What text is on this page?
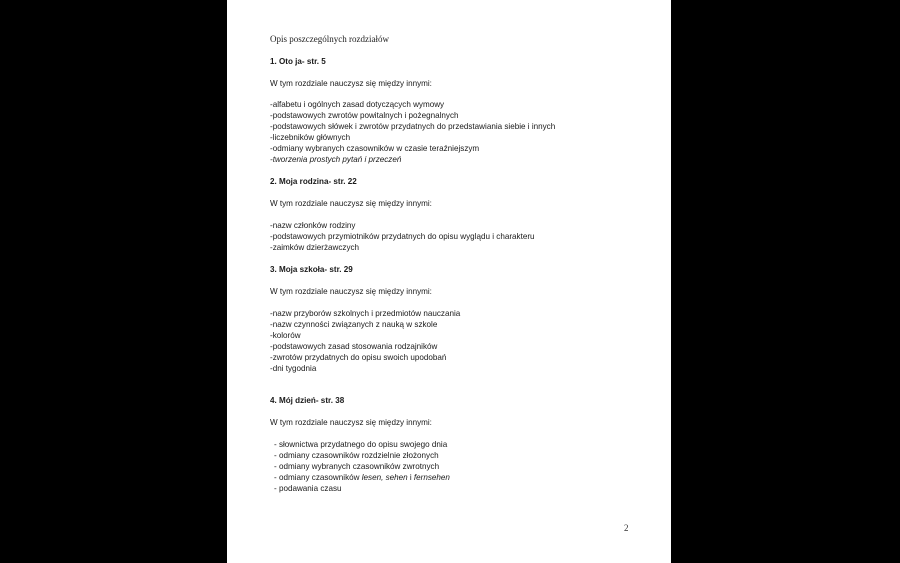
Opis poszczególnych rozdziałów
1. Oto ja- str. 5
W tym rozdziale nauczysz się między innymi:
-alfabetu i ogólnych zasad dotyczących wymowy
-podstawowych zwrotów powitalnych i pożegnalnych
-podstawowych słówek i zwrotów przydatnych do przedstawiania siebie i innych
-liczebników głównych
-odmiany wybranych czasowników w czasie teraźniejszym
-tworzenia prostych pytań i przeczeń
2. Moja rodzina- str. 22
W tym rozdziale nauczysz się między innymi:
-nazw członków rodziny
-podstawowych przymiotników przydatnych do opisu wyglądu i charakteru
-zaimków dzierżawczych
3. Moja szkoła- str. 29
W tym rozdziale nauczysz się między innymi:
-nazw przyborów szkolnych i przedmiotów nauczania
-nazw czynności związanych z nauką w szkole
-kolorów
-podstawowych zasad stosowania rodzajników
-zwrotów przydatnych do opisu swoich upodobań
-dni tygodnia
4. Mój dzień- str. 38
W tym rozdziale nauczysz się między innymi:
- słownictwa przydatnego do opisu swojego dnia
- odmiany czasowników rozdzielnie złożonych
- odmiany wybranych czasowników zwrotnych
- odmiany czasowników lesen, sehen i fernsehen
- podawania czasu
2
